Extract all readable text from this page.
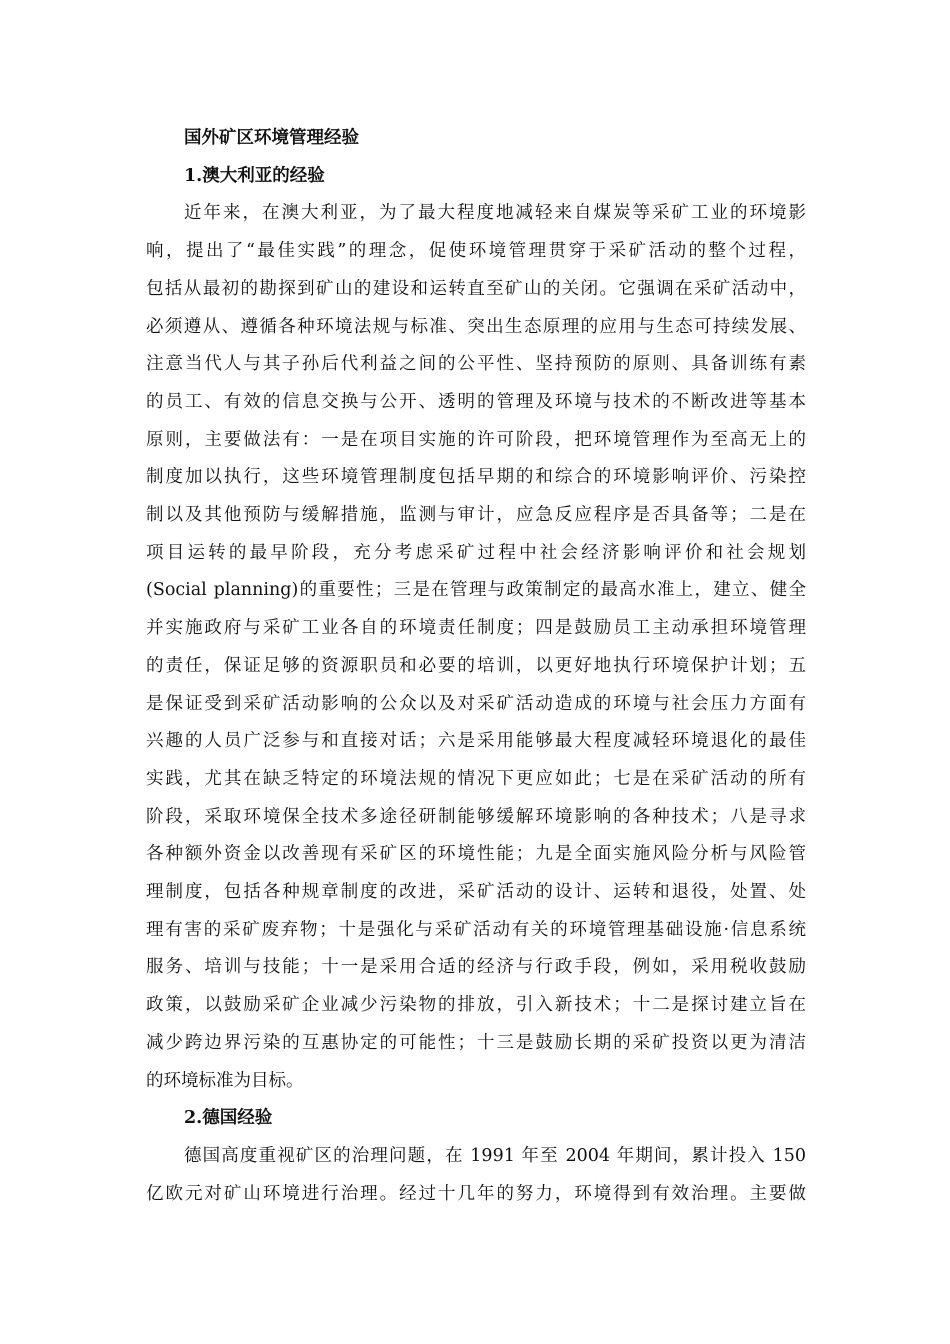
国外矿区环境管理经验

1.澳大利亚的经验

近年来，在澳大利亚，为了最大程度地减轻来自煤炭等采矿工业的环境影

响，提出了“最佳实践”的理念，促使环境管理贯穿于采矿活动的整个过程，

包括从最初的勘探到矿山的建设和运转直至矿山的关闭。它强调在采矿活动中，

必须遵从、遵循各种环境法规与标准、突出生态原理的应用与生态可持续发展、

注意当代人与其子孙后代利益之间的公平性、坚持预防的原则、具备训练有素

的员工、有效的信息交换与公开、透明的管理及环境与技术的不断改进等基本

原则，主要做法有：一是在项目实施的许可阶段，把环境管理作为至高无上的

制度加以执行，这些环境管理制度包括早期的和综合的环境影响评价、污染控

制以及其他预防与缓解措施，监测与审计，应急反应程序是否具备等；二是在

项目运转的最早阶段，充分考虑采矿过程中社会经济影响评价和社会规划

(Social planning)的重要性；三是在管理与政策制定的最高水准上，建立、健全

并实施政府与采矿工业各自的环境责任制度；四是鼓励员工主动承担环境管理

的责任，保证足够的资源职员和必要的培训，以更好地执行环境保护计划；五

是保证受到采矿活动影响的公众以及对采矿活动造成的环境与社会压力方面有

兴趣的人员广泛参与和直接对话；六是采用能够最大程度减轻环境退化的最佳

实践，尤其在缺乏特定的环境法规的情况下更应如此；七是在采矿活动的所有

阶段，采取环境保全技术多途径研制能够缓解环境影响的各种技术；八是寻求

各种额外资金以改善现有采矿区的环境性能；九是全面实施风险分析与风险管

理制度，包括各种规章制度的改进，采矿活动的设计、运转和退役，处置、处

理有害的采矿废弃物；十是强化与采矿活动有关的环境管理基础设施·信息系统

服务、培训与技能；十一是采用合适的经济与行政手段，例如，采用税收鼓励

政策，以鼓励采矿企业减少污染物的排放，引入新技术；十二是探讨建立旨在

减少跨边界污染的互惠协定的可能性；十三是鼓励长期的采矿投资以更为清洁

的环境标准为目标。

2.德国经验

德国高度重视矿区的治理问题，在 1991 年至 2004 年期间，累计投入 150

亿欧元对矿山环境进行治理。经过十几年的努力，环境得到有效治理。主要做
